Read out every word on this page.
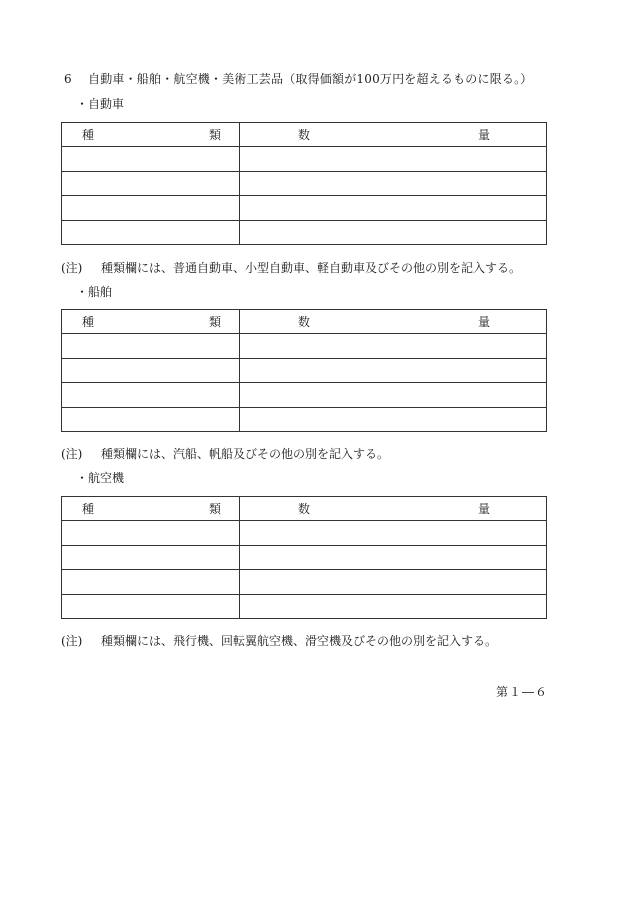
6 自動車・船舶・航空機・美術工芸品（取得価額が100万円を超えるものに限る。）
・自動車
種 類	数 量

(注) 種類欄には、普通自動車、小型自動車、軽自動車及びその他の別を記入する。
・船舶
種 類	数 量

(注) 種類欄には、汽船、帆船及びその他の別を記入する。
・航空機
種 類	数 量

(注) 種類欄には、飛行機、回転翼航空機、滑空機及びその他の別を記入する。
第１―６
